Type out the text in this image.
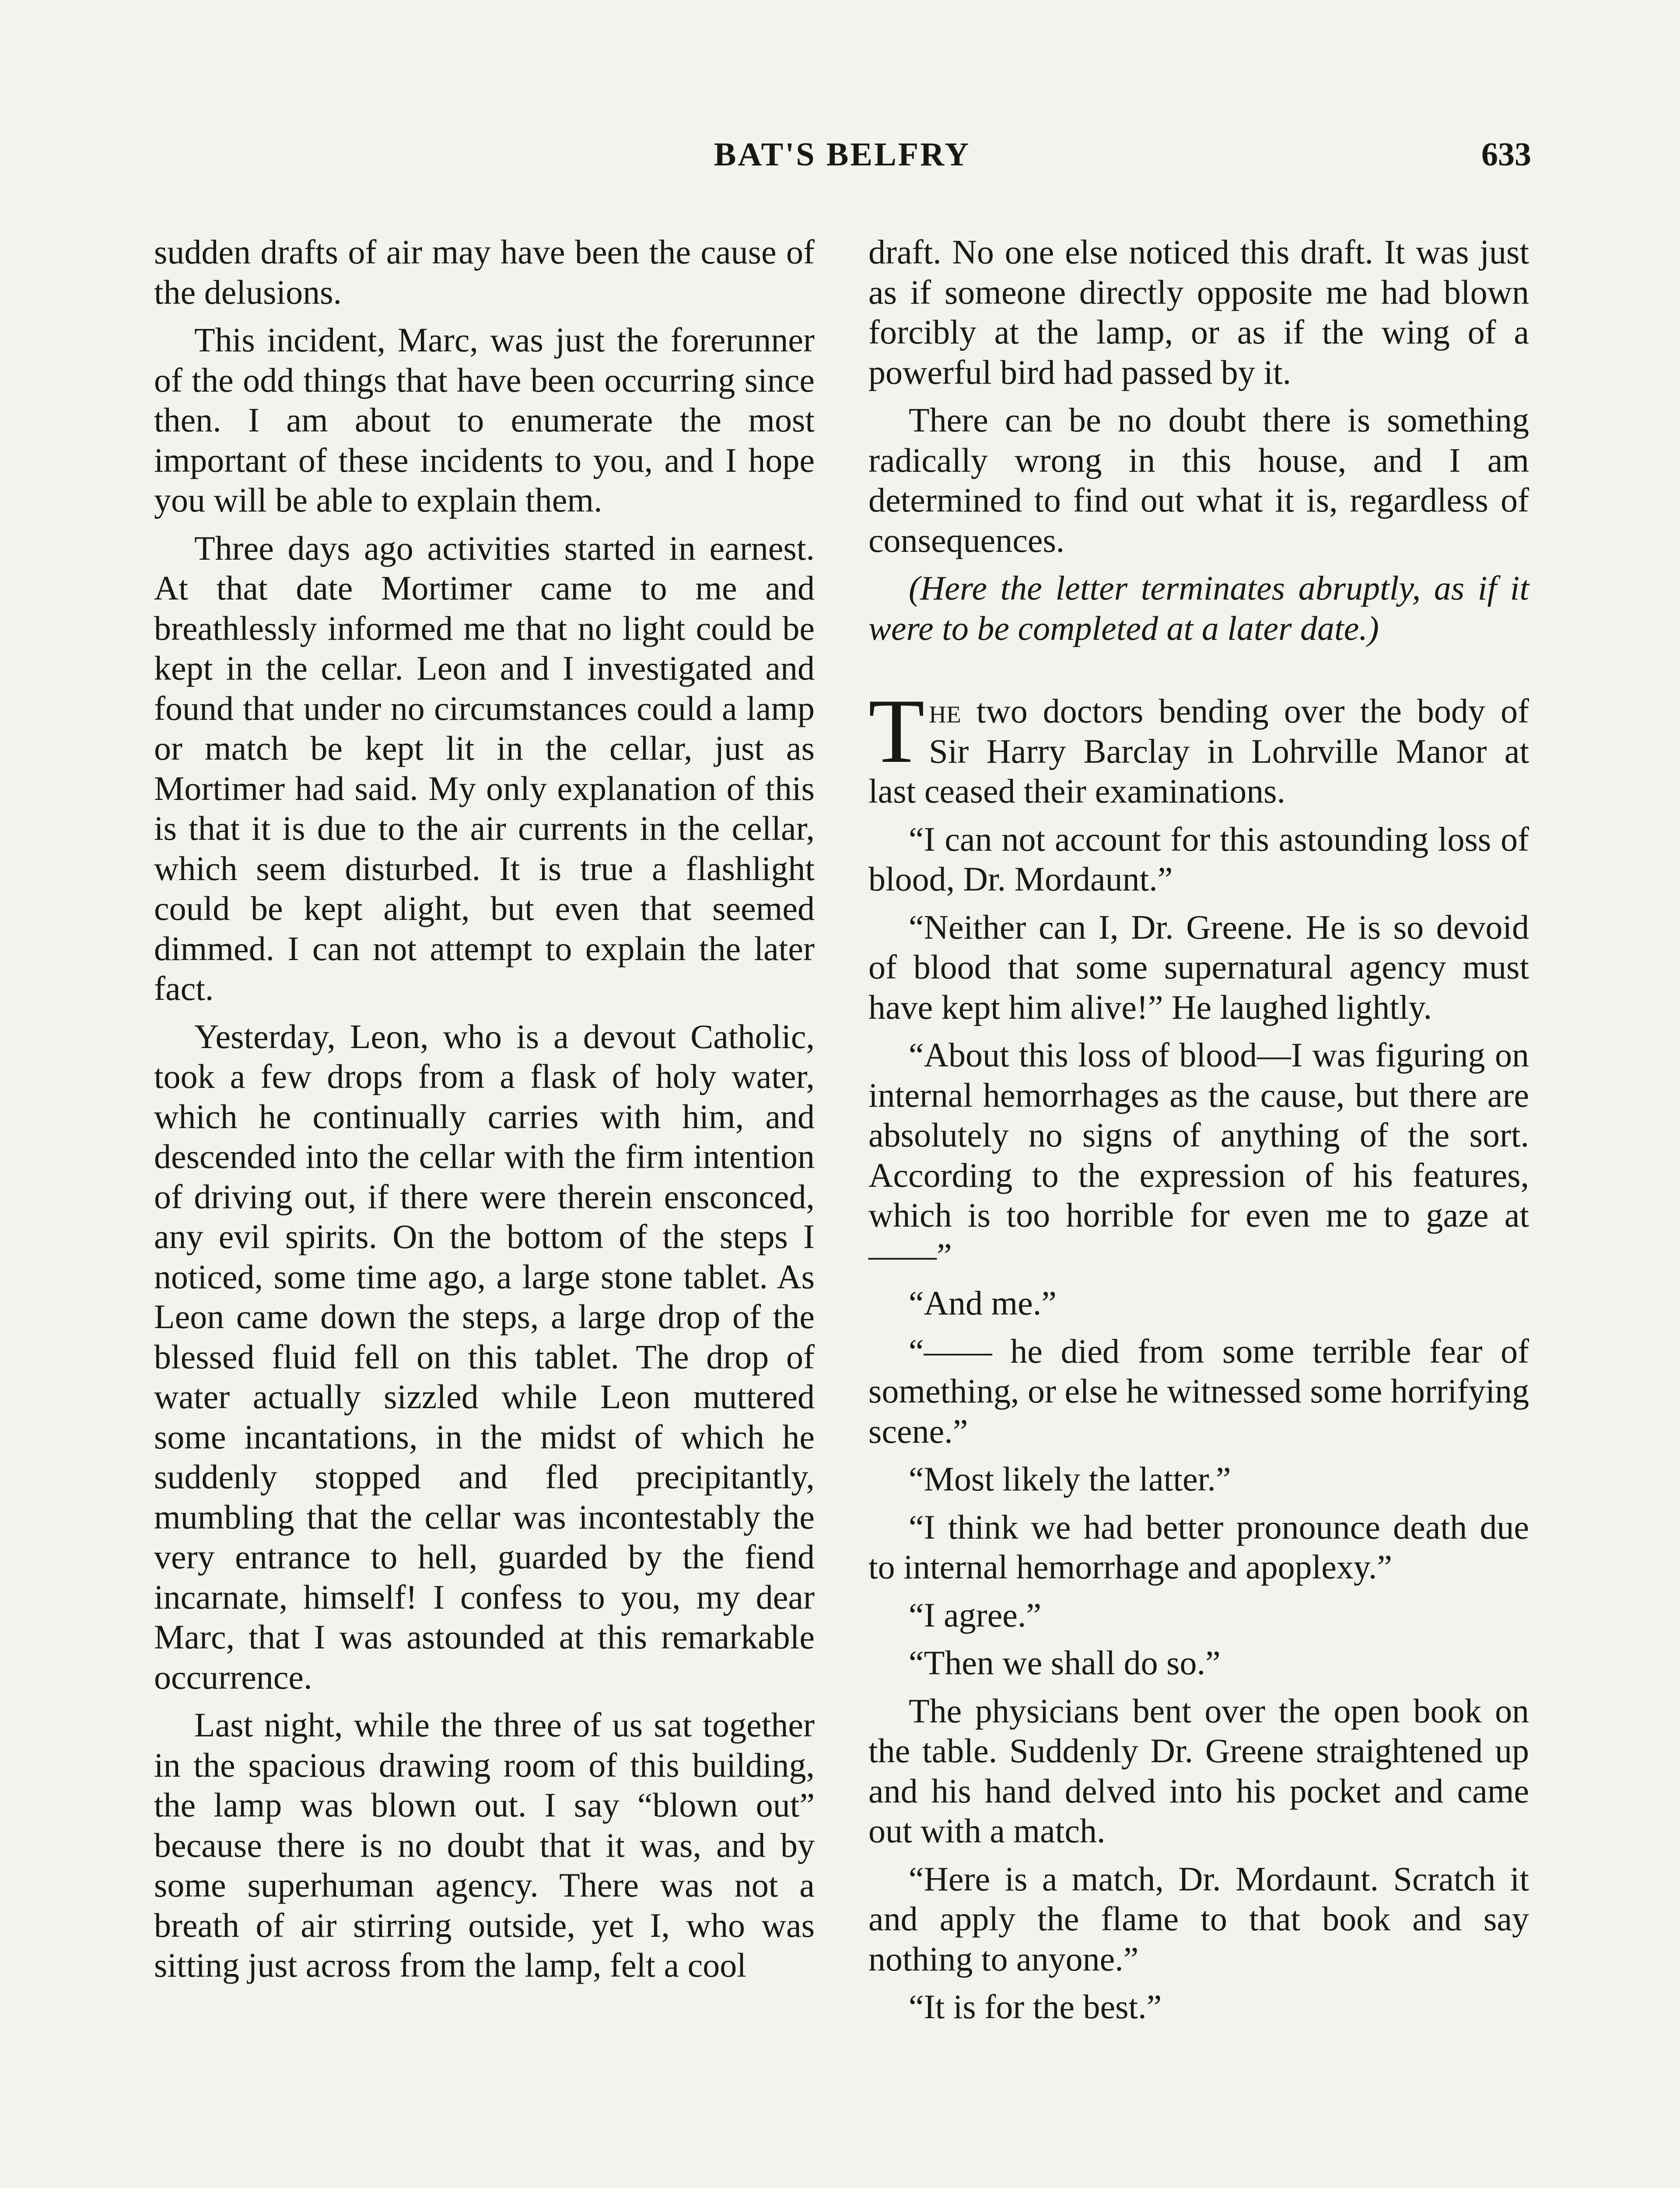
BAT'S BELFRY	633

sudden drafts of air may have been the cause of the delusions.

This incident, Marc, was just the forerunner of the odd things that have been occurring since then. I am about to enumerate the most important of these incidents to you, and I hope you will be able to explain them.

Three days ago activities started in earnest. At that date Mortimer came to me and breathlessly informed me that no light could be kept in the cellar. Leon and I investigated and found that under no circumstances could a lamp or match be kept lit in the cellar, just as Mortimer had said. My only explanation of this is that it is due to the air currents in the cellar, which seem disturbed. It is true a flashlight could be kept alight, but even that seemed dimmed. I can not attempt to explain the later fact.

Yesterday, Leon, who is a devout Catholic, took a few drops from a flask of holy water, which he continually carries with him, and descended into the cellar with the firm intention of driving out, if there were therein ensconced, any evil spirits. On the bottom of the steps I noticed, some time ago, a large stone tablet. As Leon came down the steps, a large drop of the blessed fluid fell on this tablet. The drop of water actually sizzled while Leon muttered some incantations, in the midst of which he suddenly stopped and fled precipitantly, mumbling that the cellar was incontestably the very entrance to hell, guarded by the fiend incarnate, himself! I confess to you, my dear Marc, that I was astounded at this remarkable occurrence.

Last night, while the three of us sat together in the spacious drawing room of this building, the lamp was blown out. I say “blown out” because there is no doubt that it was, and by some superhuman agency. There was not a breath of air stirring outside, yet I, who was sitting just across from the lamp, felt a cool

draft. No one else noticed this draft. It was just as if someone directly opposite me had blown forcibly at the lamp, or as if the wing of a powerful bird had passed by it.

There can be no doubt there is something radically wrong in this house, and I am determined to find out what it is, regardless of consequences.

(Here the letter terminates abruptly, as if it were to be completed at a later date.)

The two doctors bending over the body of Sir Harry Barclay in Lohrville Manor at last ceased their examinations.

“I can not account for this astounding loss of blood, Dr. Mordaunt.”

“Neither can I, Dr. Greene. He is so devoid of blood that some supernatural agency must have kept him alive!” He laughed lightly.

“About this loss of blood—I was figuring on internal hemorrhages as the cause, but there are absolutely no signs of anything of the sort. According to the expression of his features, which is too horrible for even me to gaze at——”

“And me.”

“—— he died from some terrible fear of something, or else he witnessed some horrifying scene.”

“Most likely the latter.”

“I think we had better pronounce death due to internal hemorrhage and apoplexy.”

“I agree.”

“Then we shall do so.”

The physicians bent over the open book on the table. Suddenly Dr. Greene straightened up and his hand delved into his pocket and came out with a match.

“Here is a match, Dr. Mordaunt. Scratch it and apply the flame to that book and say nothing to anyone.”

“It is for the best.”
